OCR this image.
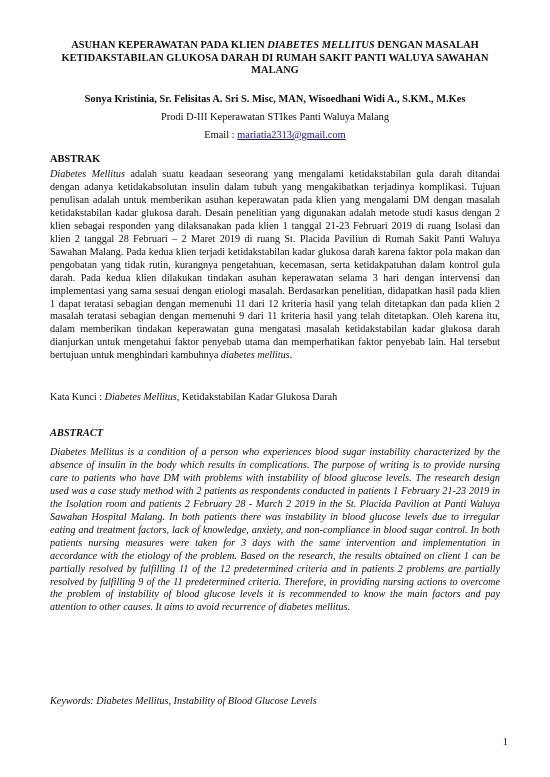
ASUHAN KEPERAWATAN PADA KLIEN DIABETES MELLITUS DENGAN MASALAH KETIDAKSTABILAN GLUKOSA DARAH DI RUMAH SAKIT PANTI WALUYA SAWAHAN MALANG
Sonya Kristinia, Sr. Felisitas A. Sri S. Misc, MAN, Wisoedhani Widi A., S.KM., M.Kes
Prodi D-III Keperawatan STIkes Panti Waluya Malang
Email : mariatia2313@gmail.com
ABSTRAK
Diabetes Mellitus adalah suatu keadaan seseorang yang mengalami ketidakstabilan gula darah ditandai dengan adanya ketidakabsolutan insulin dalam tubuh yang mengakibatkan terjadinya komplikasi. Tujuan penulisan adalah untuk memberikan asuhan keperawatan pada klien yang mengalami DM dengan masalah ketidakstabilan kadar glukosa darah. Desain penelitian yang digunakan adalah metode studi kasus dengan 2 klien sebagai responden yang dilaksanakan pada klien 1 tanggal 21-23 Februari 2019 di ruang Isolasi dan klien 2 tanggal 28 Februari – 2 Maret 2019 di ruang St. Placida Paviliun di Rumah Sakit Panti Waluya Sawahan Malang. Pada kedua klien terjadi ketidakstabilan kadar glukosa darah karena faktor pola makan dan pengobatan yang tidak rutin, kurangnya pengetahuan, kecemasan, serta ketidakpatuhan dalam kontrol gula darah. Pada kedua klien dilakukan tindakan asuhan keperawatan selama 3 hari dengan intervensi dan implementasi yang sama sesuai dengan etiologi masalah. Berdasarkan penelitian, didapatkan hasil pada klien 1 dapat teratasi sebagian dengan memenuhi 11 dari 12 kriteria hasil yang telah ditetapkan dan pada klien 2 masalah teratasi sebagian dengan memenuhi 9 dari 11 kriteria hasil yang telah ditetapkan. Oleh karena itu, dalam memberikan tindakan keperawatan guna mengatasi masalah ketidakstabilan kadar glukosa darah dianjurkan untuk mengetahui faktor penyebab utama dan memperhatikan faktor penyebab lain. Hal tersebut bertujuan untuk menghindari kambuhnya diabetes mellitus.
Kata Kunci : Diabetes Mellitus, Ketidakstabilan Kadar Glukosa Darah
ABSTRACT
Diabetes Mellitus is a condition of a person who experiences blood sugar instability characterized by the absence of insulin in the body which results in complications. The purpose of writing is to provide nursing care to patients who have DM with problems with instability of blood glucose levels. The research design used was a case study method with 2 patients as respondents conducted in patients 1 February 21-23 2019 in the Isolation room and patients 2 February 28 - March 2 2019 in the St. Placida Pavilion at Panti Waluya Sawahan Hospital Malang. In both patients there was instability in blood glucose levels due to irregular eating and treatment factors, lack of knowledge, anxiety, and non-compliance in blood sugar control. In both patients nursing measures were taken for 3 days with the same intervention and implementation in accordance with the etiology of the problem. Based on the research, the results obtained on client 1 can be partially resolved by fulfilling 11 of the 12 predetermined criteria and in patients 2 problems are partially resolved by fulfilling 9 of the 11 predetermined criteria. Therefore, in providing nursing actions to overcome the problem of instability of blood glucose levels it is recommended to know the main factors and pay attention to other causes. It aims to avoid recurrence of diabetes mellitus.
Keywords: Diabetes Mellitus, Instability of Blood Glucose Levels
1
